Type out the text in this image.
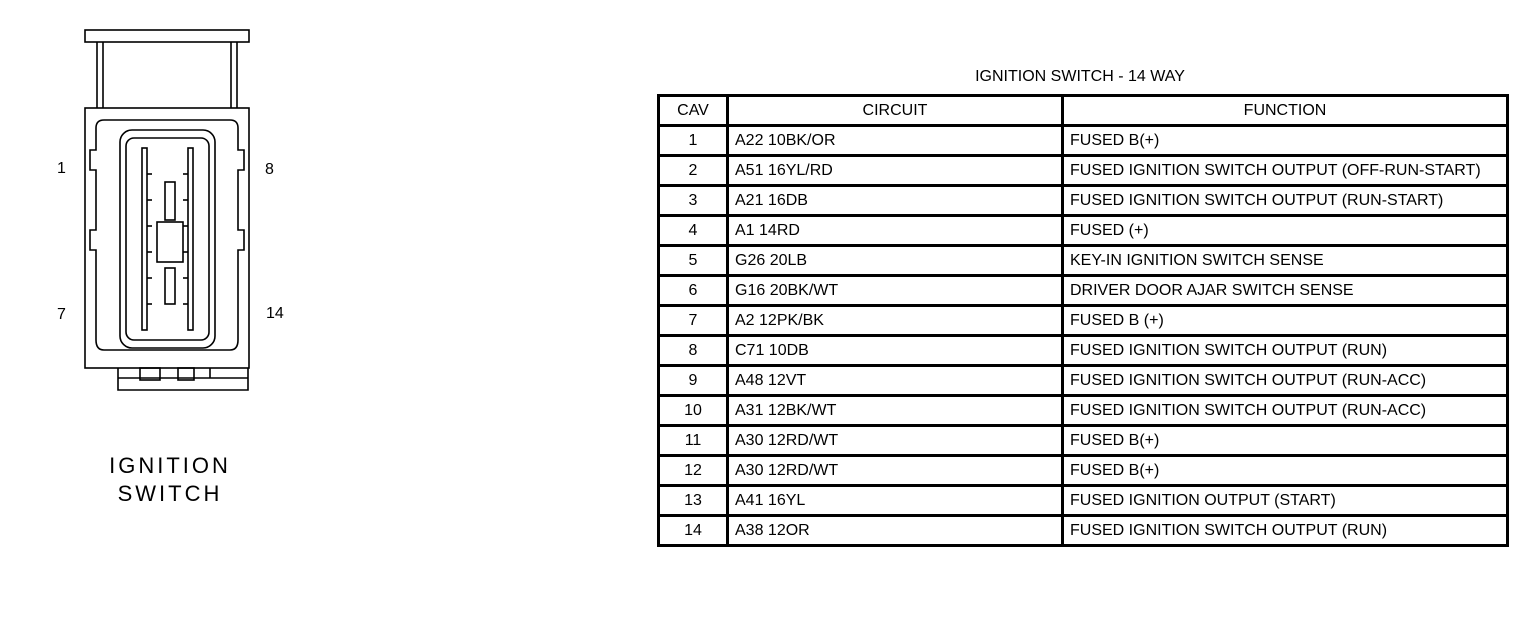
1	8
7	14
IGNITION
SWITCH
IGNITION SWITCH - 14 WAY
CAV	CIRCUIT	FUNCTION
1	A22 10BK/OR	FUSED B(+)
2	A51 16YL/RD	FUSED IGNITION SWITCH OUTPUT (OFF-RUN-START)
3	A21 16DB	FUSED IGNITION SWITCH OUTPUT (RUN-START)
4	A1 14RD	FUSED (+)
5	G26 20LB	KEY-IN IGNITION SWITCH SENSE
6	G16 20BK/WT	DRIVER DOOR AJAR SWITCH SENSE
7	A2 12PK/BK	FUSED B (+)
8	C71 10DB	FUSED IGNITION SWITCH OUTPUT (RUN)
9	A48 12VT	FUSED IGNITION SWITCH OUTPUT (RUN-ACC)
10	A31 12BK/WT	FUSED IGNITION SWITCH OUTPUT (RUN-ACC)
11	A30 12RD/WT	FUSED B(+)
12	A30 12RD/WT	FUSED B(+)
13	A41 16YL	FUSED IGNITION OUTPUT (START)
14	A38 12OR	FUSED IGNITION SWITCH OUTPUT (RUN)
